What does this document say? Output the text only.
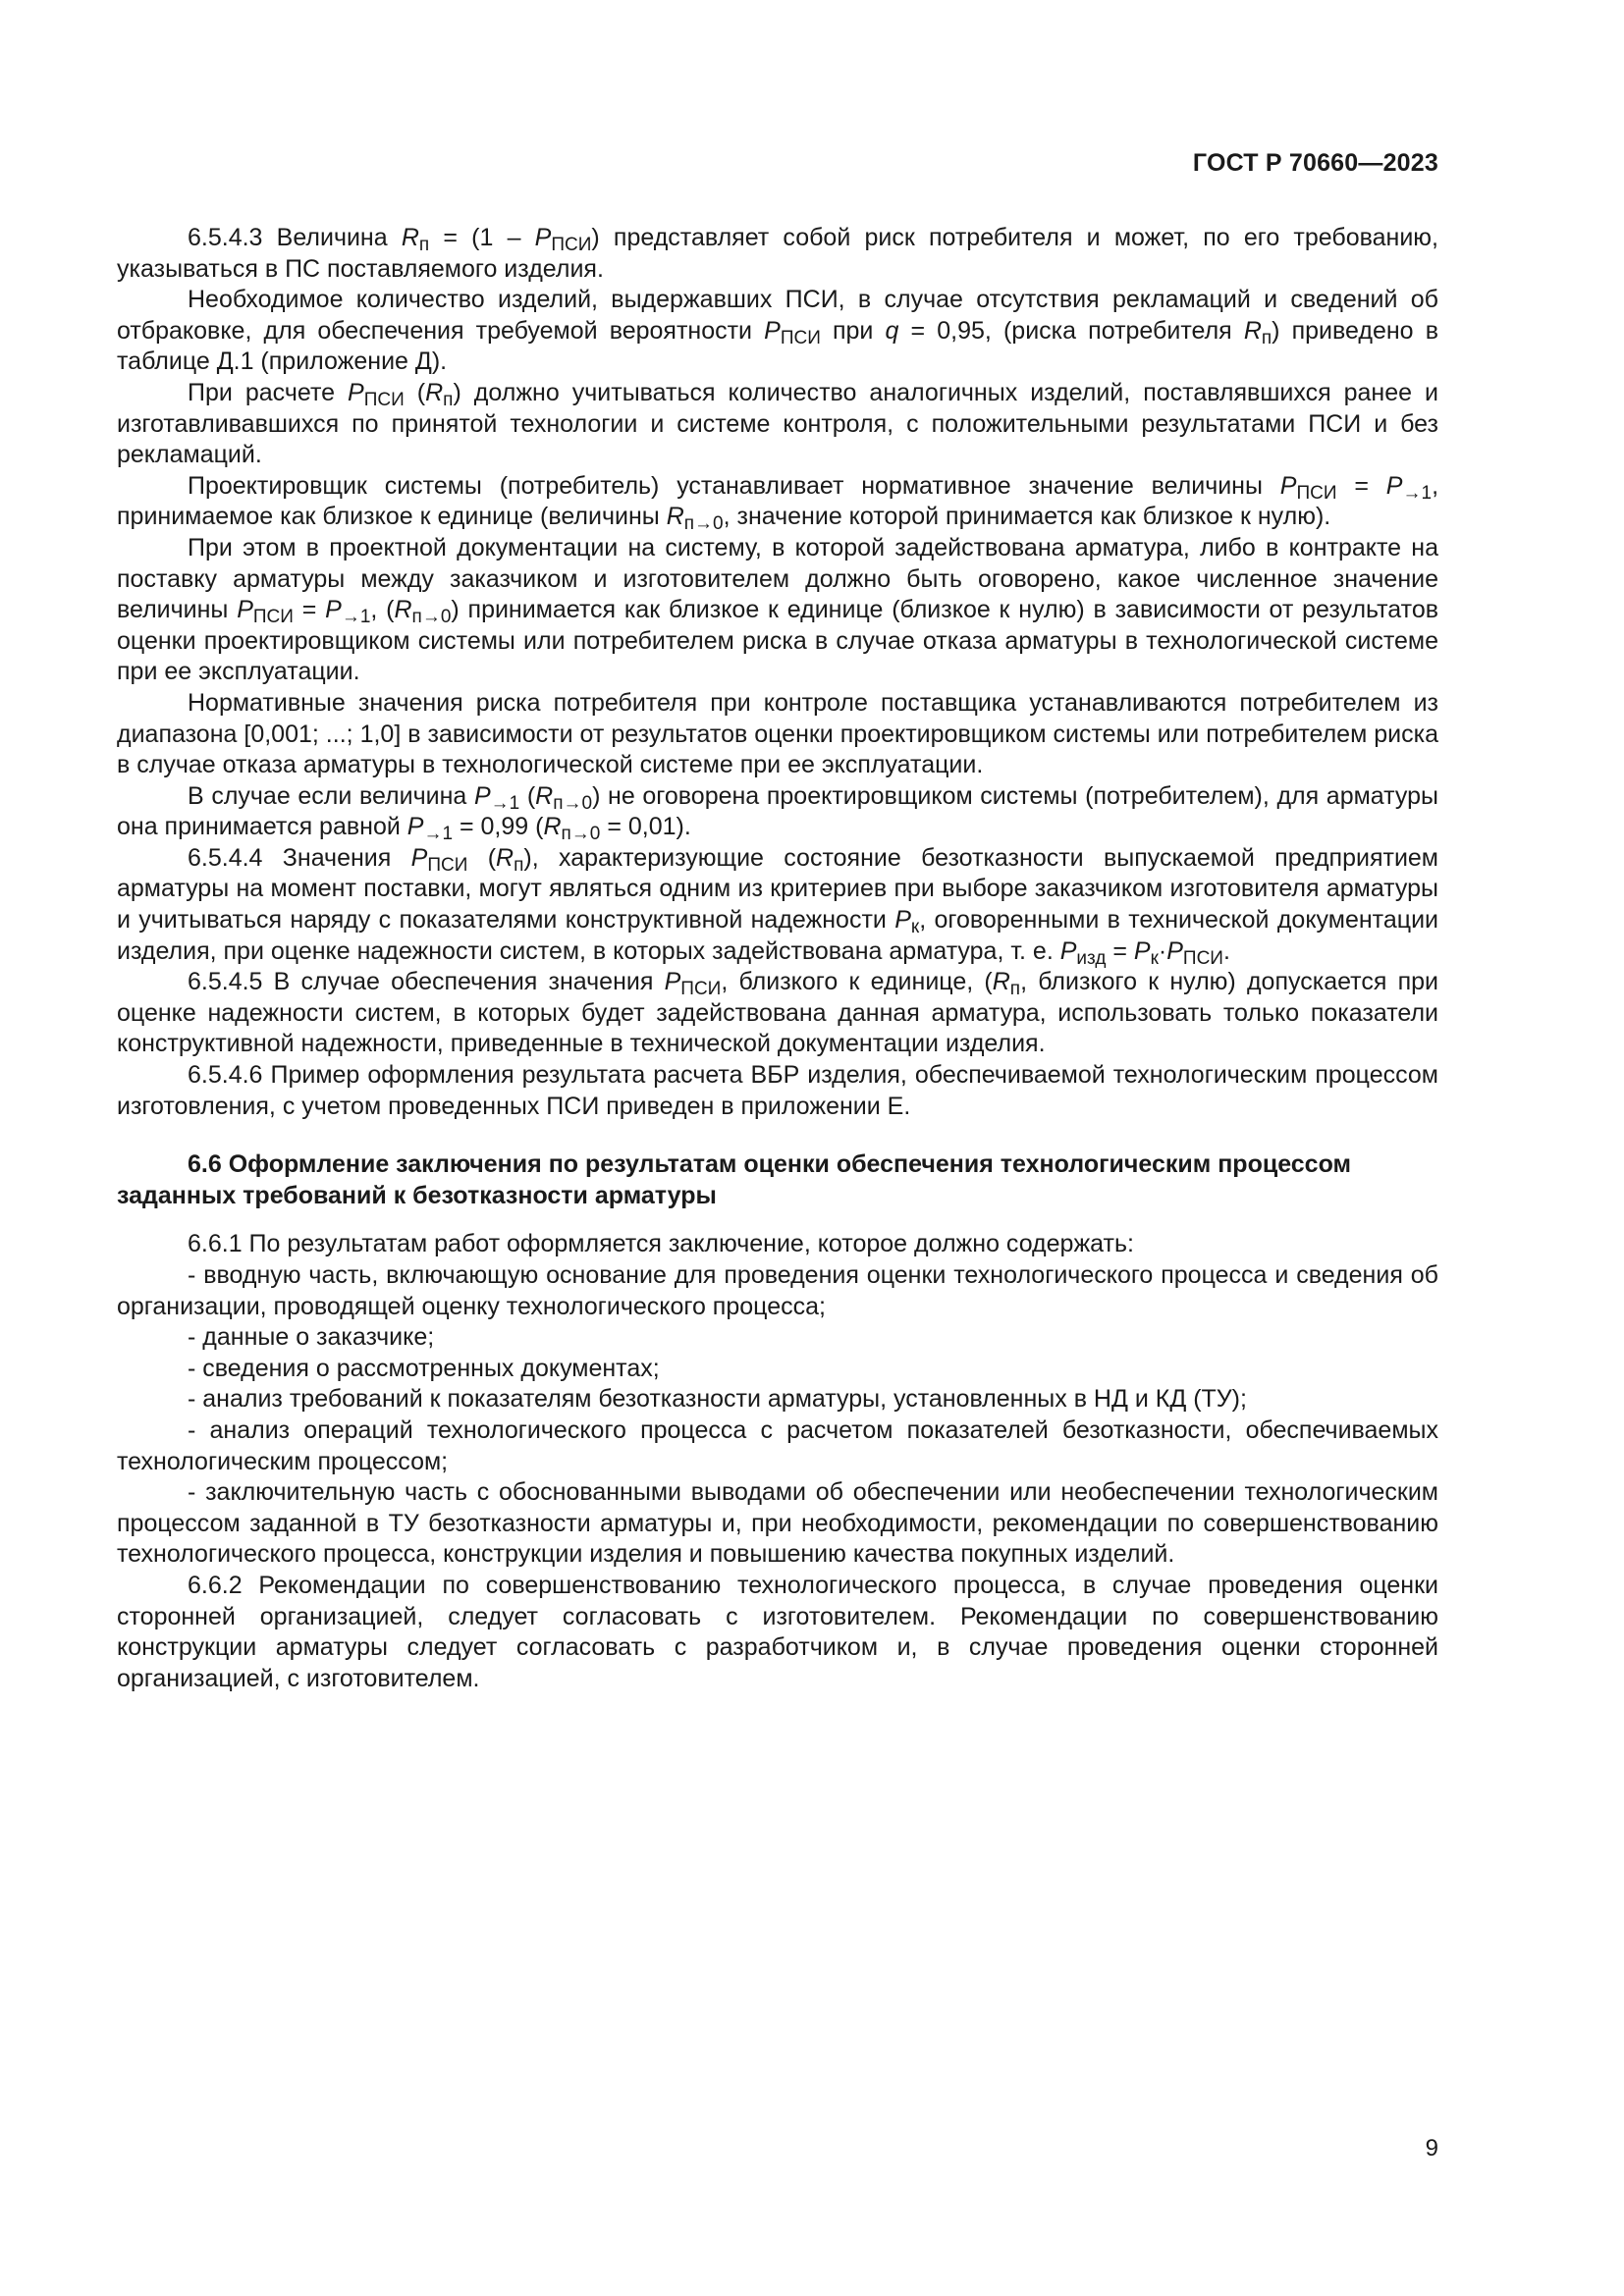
ГОСТ Р 70660—2023

6.5.4.3 Величина $R_п = (1 - P_{ПСИ})$ представляет собой риск потребителя и может, по его требованию, указываться в ПС поставляемого изделия.

Необходимое количество изделий, выдержавших ПСИ, в случае отсутствия рекламаций и сведений об отбраковке, для обеспечения требуемой вероятности $P_{ПСИ}$ при q = 0,95, (риска потребителя $R_п$) приведено в таблице Д.1 (приложение Д).

При расчете $P_{ПСИ}$ $(R_п)$ должно учитываться количество аналогичных изделий, поставлявшихся ранее и изготавливавшихся по принятой технологии и системе контроля, с положительными результатами ПСИ и без рекламаций.

Проектировщик системы (потребитель) устанавливает нормативное значение величины $P_{ПСИ} = P_{\to 1}$, принимаемое как близкое к единице (величины $R_{п\to 0}$, значение которой принимается как близкое к нулю).

При этом в проектной документации на систему, в которой задействована арматура, либо в контракте на поставку арматуры между заказчиком и изготовителем должно быть оговорено, какое численное значение величины $P_{ПСИ} = P_{\to 1}$, $(R_{п\to 0})$ принимается как близкое к единице (близкое к нулю) в зависимости от результатов оценки проектировщиком системы или потребителем риска в случае отказа арматуры в технологической системе при ее эксплуатации.

Нормативные значения риска потребителя при контроле поставщика устанавливаются потребителем из диапазона [0,001; ...; 1,0] в зависимости от результатов оценки проектировщиком системы или потребителем риска в случае отказа арматуры в технологической системе при ее эксплуатации.

В случае если величина $P_{\to 1}$ $(R_{п\to 0})$ не оговорена проектировщиком системы (потребителем), для арматуры она принимается равной $P_{\to 1} = 0,99$ $(R_{п\to 0} = 0,01)$.

6.5.4.4 Значения $P_{ПСИ}$ $(R_п)$, характеризующие состояние безотказности выпускаемой предприятием арматуры на момент поставки, могут являться одним из критериев при выборе заказчиком изготовителя арматуры и учитываться наряду с показателями конструктивной надежности $P_к$, оговоренными в технической документации изделия, при оценке надежности систем, в которых задействована арматура, т. е. $P_{изд} = P_к\cdot P_{ПСИ}$.

6.5.4.5 В случае обеспечения значения $P_{ПСИ}$, близкого к единице, ($R_п$, близкого к нулю) допускается при оценке надежности систем, в которых будет задействована данная арматура, использовать только показатели конструктивной надежности, приведенные в технической документации изделия.

6.5.4.6 Пример оформления результата расчета ВБР изделия, обеспечиваемой технологическим процессом изготовления, с учетом проведенных ПСИ приведен в приложении Е.

6.6 Оформление заключения по результатам оценки обеспечения технологическим процессом заданных требований к безотказности арматуры

6.6.1 По результатам работ оформляется заключение, которое должно содержать:

- вводную часть, включающую основание для проведения оценки технологического процесса и сведения об организации, проводящей оценку технологического процесса;

- данные о заказчике;

- сведения о рассмотренных документах;

- анализ требований к показателям безотказности арматуры, установленных в НД и КД (ТУ);

- анализ операций технологического процесса с расчетом показателей безотказности, обеспечиваемых технологическим процессом;

- заключительную часть с обоснованными выводами об обеспечении или необеспечении технологическим процессом заданной в ТУ безотказности арматуры и, при необходимости, рекомендации по совершенствованию технологического процесса, конструкции изделия и повышению качества покупных изделий.

6.6.2 Рекомендации по совершенствованию технологического процесса, в случае проведения оценки сторонней организацией, следует согласовать с изготовителем. Рекомендации по совершенствованию конструкции арматуры следует согласовать с разработчиком и, в случае проведения оценки сторонней организацией, с изготовителем.

9
